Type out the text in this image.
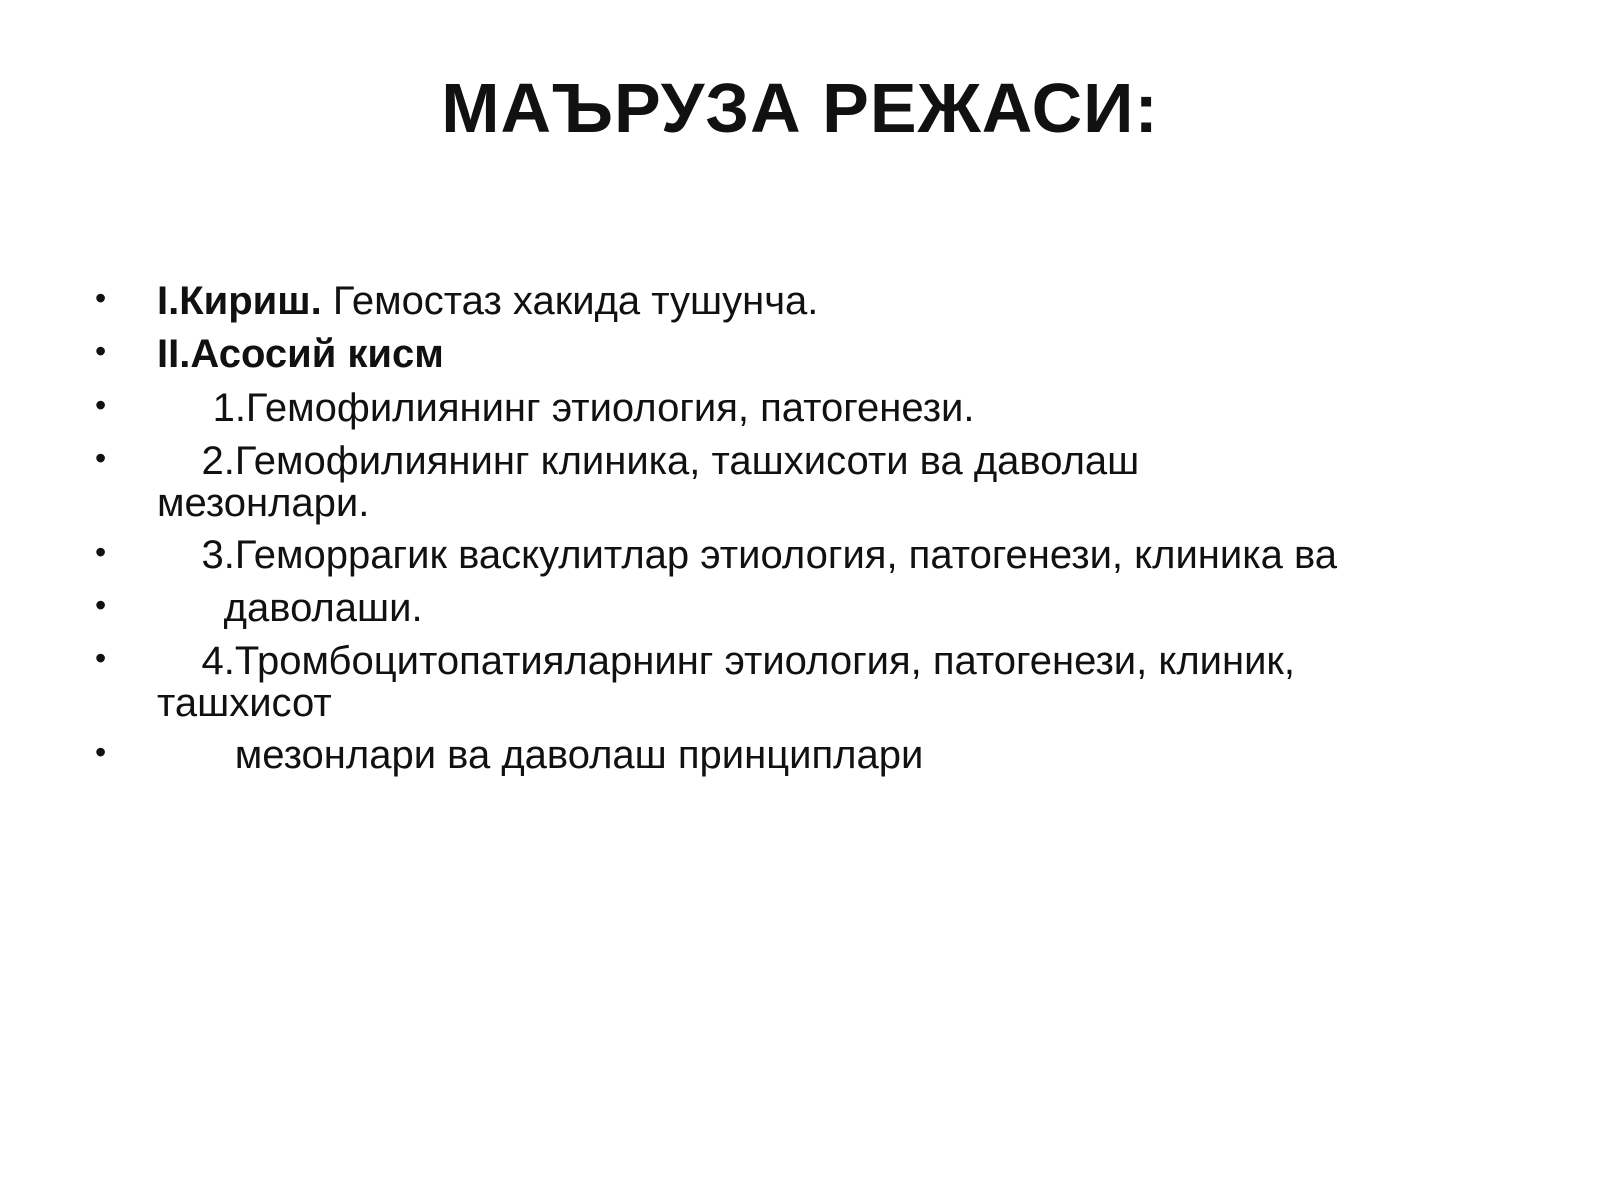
МАЪРУЗА РЕЖАСИ:
• I.Кириш. Гемостаз хакида тушунча.
• II.Асосий кисм
• 1.Гемофилиянинг этиология, патогенези.
• 2.Гемофилиянинг клиника, ташхисоти ва даволаш мезонлари.
• 3.Геморрагик васкулитлар этиология, патогенези, клиника ва
• даволаши.
• 4.Тромбоцитопатияларнинг этиология, патогенези, клиник, ташхисот
• мезонлари ва даволаш принциплари
